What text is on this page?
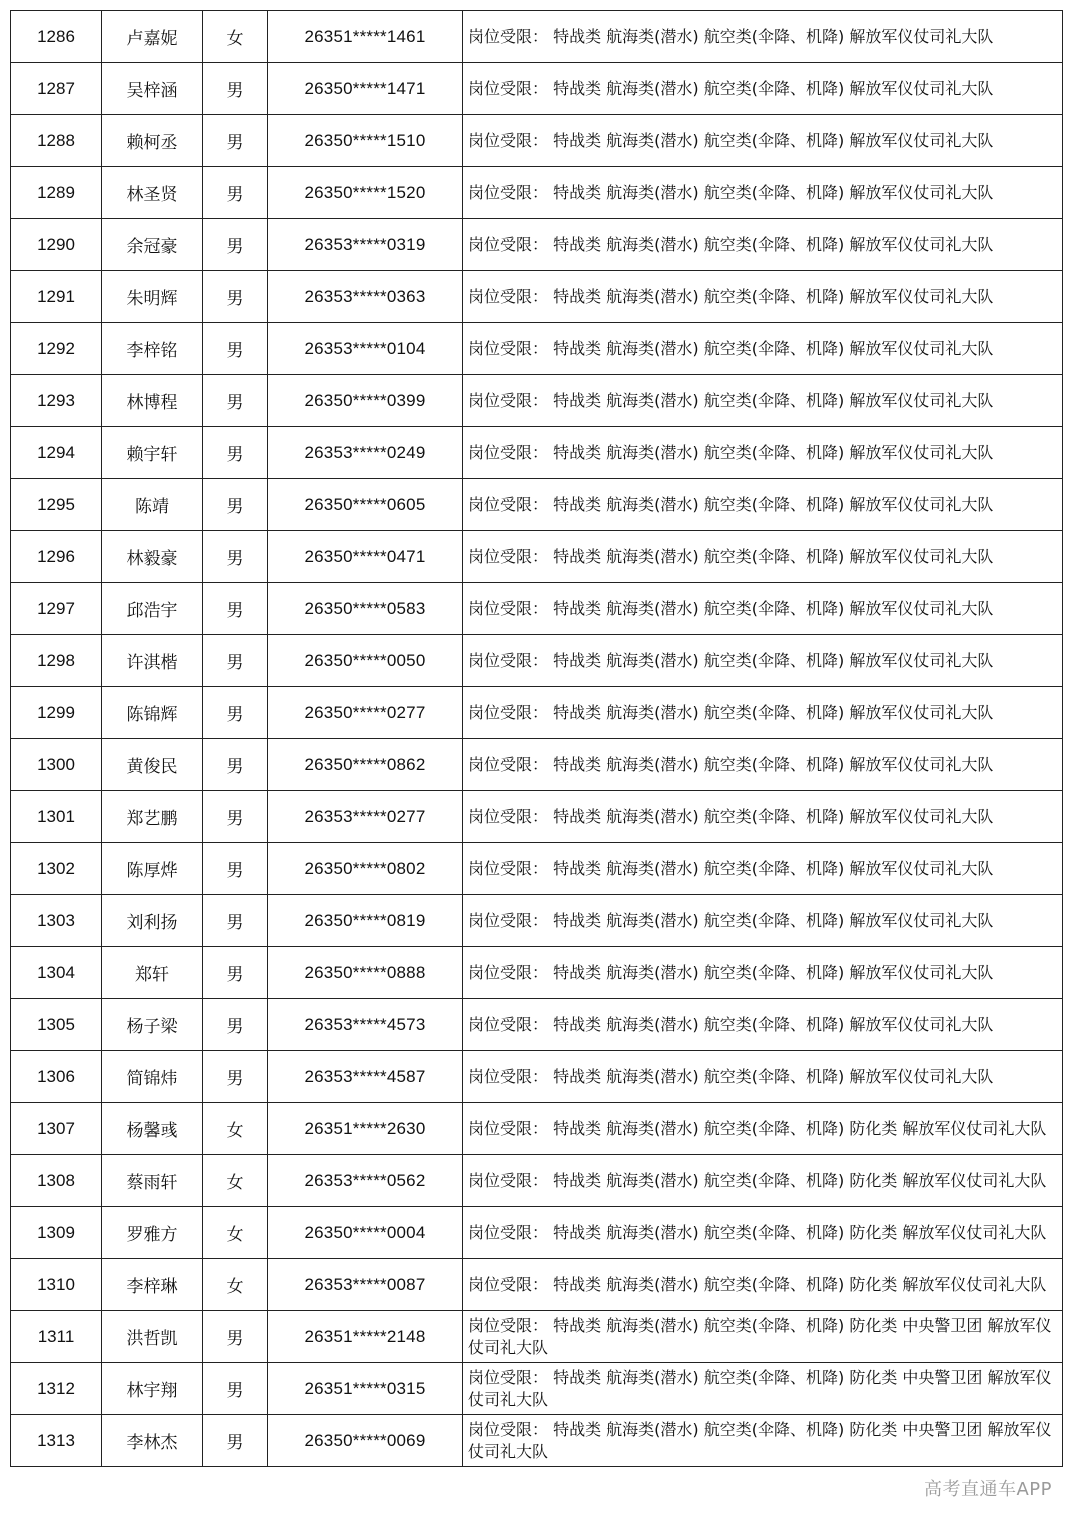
1286	卢嘉妮	女	26351*****1461	岗位受限： 特战类 航海类(潜水) 航空类(伞降、机降) 解放军仪仗司礼大队
1287	吴梓涵	男	26350*****1471	岗位受限： 特战类 航海类(潜水) 航空类(伞降、机降) 解放军仪仗司礼大队
1288	赖柯丞	男	26350*****1510	岗位受限： 特战类 航海类(潜水) 航空类(伞降、机降) 解放军仪仗司礼大队
1289	林圣贤	男	26350*****1520	岗位受限： 特战类 航海类(潜水) 航空类(伞降、机降) 解放军仪仗司礼大队
1290	余冠豪	男	26353*****0319	岗位受限： 特战类 航海类(潜水) 航空类(伞降、机降) 解放军仪仗司礼大队
1291	朱明辉	男	26353*****0363	岗位受限： 特战类 航海类(潜水) 航空类(伞降、机降) 解放军仪仗司礼大队
1292	李梓铭	男	26353*****0104	岗位受限： 特战类 航海类(潜水) 航空类(伞降、机降) 解放军仪仗司礼大队
1293	林博程	男	26350*****0399	岗位受限： 特战类 航海类(潜水) 航空类(伞降、机降) 解放军仪仗司礼大队
1294	赖宇轩	男	26353*****0249	岗位受限： 特战类 航海类(潜水) 航空类(伞降、机降) 解放军仪仗司礼大队
1295	陈靖	男	26350*****0605	岗位受限： 特战类 航海类(潜水) 航空类(伞降、机降) 解放军仪仗司礼大队
1296	林毅豪	男	26350*****0471	岗位受限： 特战类 航海类(潜水) 航空类(伞降、机降) 解放军仪仗司礼大队
1297	邱浩宇	男	26350*****0583	岗位受限： 特战类 航海类(潜水) 航空类(伞降、机降) 解放军仪仗司礼大队
1298	许淇楷	男	26350*****0050	岗位受限： 特战类 航海类(潜水) 航空类(伞降、机降) 解放军仪仗司礼大队
1299	陈锦辉	男	26350*****0277	岗位受限： 特战类 航海类(潜水) 航空类(伞降、机降) 解放军仪仗司礼大队
1300	黄俊民	男	26350*****0862	岗位受限： 特战类 航海类(潜水) 航空类(伞降、机降) 解放军仪仗司礼大队
1301	郑艺鹏	男	26353*****0277	岗位受限： 特战类 航海类(潜水) 航空类(伞降、机降) 解放军仪仗司礼大队
1302	陈厚烨	男	26350*****0802	岗位受限： 特战类 航海类(潜水) 航空类(伞降、机降) 解放军仪仗司礼大队
1303	刘利扬	男	26350*****0819	岗位受限： 特战类 航海类(潜水) 航空类(伞降、机降) 解放军仪仗司礼大队
1304	郑轩	男	26350*****0888	岗位受限： 特战类 航海类(潜水) 航空类(伞降、机降) 解放军仪仗司礼大队
1305	杨子梁	男	26353*****4573	岗位受限： 特战类 航海类(潜水) 航空类(伞降、机降) 解放军仪仗司礼大队
1306	简锦炜	男	26353*****4587	岗位受限： 特战类 航海类(潜水) 航空类(伞降、机降) 解放军仪仗司礼大队
1307	杨馨彧	女	26351*****2630	岗位受限： 特战类 航海类(潜水) 航空类(伞降、机降) 防化类 解放军仪仗司礼大队
1308	蔡雨轩	女	26353*****0562	岗位受限： 特战类 航海类(潜水) 航空类(伞降、机降) 防化类 解放军仪仗司礼大队
1309	罗雅方	女	26350*****0004	岗位受限： 特战类 航海类(潜水) 航空类(伞降、机降) 防化类 解放军仪仗司礼大队
1310	李梓琳	女	26353*****0087	岗位受限： 特战类 航海类(潜水) 航空类(伞降、机降) 防化类 解放军仪仗司礼大队
1311	洪哲凯	男	26351*****2148	岗位受限： 特战类 航海类(潜水) 航空类(伞降、机降) 防化类 中央警卫团 解放军仪仗司礼大队
1312	林宇翔	男	26351*****0315	岗位受限： 特战类 航海类(潜水) 航空类(伞降、机降) 防化类 中央警卫团 解放军仪仗司礼大队
1313	李林杰	男	26350*****0069	岗位受限： 特战类 航海类(潜水) 航空类(伞降、机降) 防化类 中央警卫团 解放军仪仗司礼大队
高考直通车APP
